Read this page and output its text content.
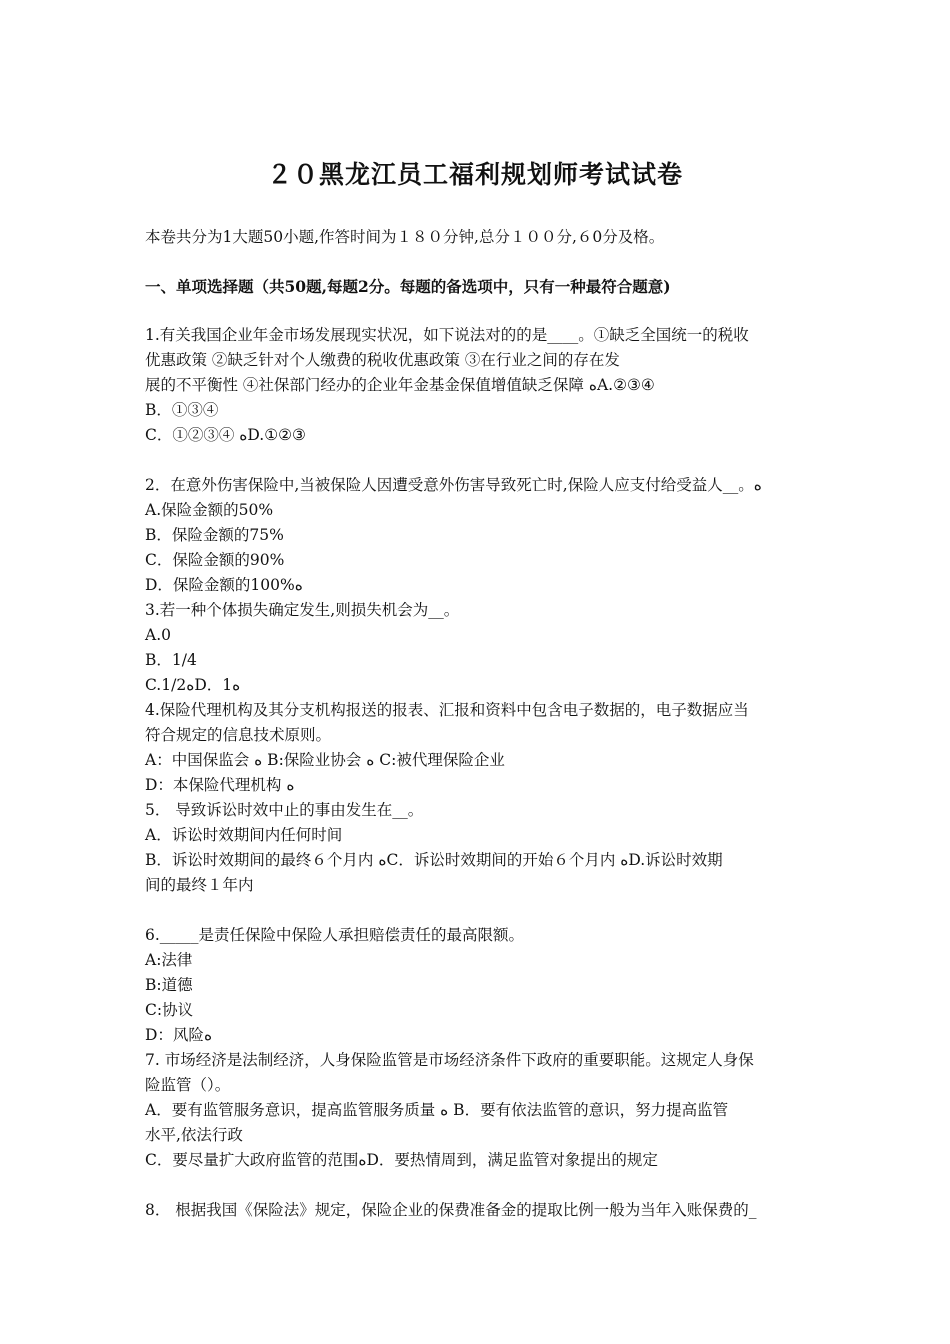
２０黑龙江员工福利规划师考试试卷
本卷共分为1大题50小题,作答时间为１８０分钟,总分１００分,６0分及格。
一、单项选择题（共50题,每题2分。每题的备选项中，只有一种最符合题意)
1.有关我国企业年金市场发展现实状况，如下说法对的的是____。①缺乏全国统一的税收
优惠政策 ②缺乏针对个人缴费的税收优惠政策 ③在行业之间的存在发
展的不平衡性 ④社保部门经办的企业年金基金保值增值缺乏保障 ﻩA.②③④
B．①③④
C．①②③④ ﻩD.①②③
2．在意外伤害保险中,当被保险人因遭受意外伤害导致死亡时,保险人应支付给受益人__。ﻩ
A.保险金额的50%
B．保险金额的75%
C．保险金额的90%
D．保险金额的100%ﻩ
3.若一种个体损失确定发生,则损失机会为__。
A.0
B．1/4
C.1/2ﻩD．1ﻩ
4.保险代理机构及其分支机构报送的报表、汇报和资料中包含电子数据的，电子数据应当
符合规定的信息技术原则。
A：中国保监会 ﻩ B:保险业协会 ﻩ C:被代理保险企业
D：本保险代理机构 ﻩ
5． 导致诉讼时效中止的事由发生在__。
A．诉讼时效期间内任何时间
B．诉讼时效期间的最终６个月内 ﻩC．诉讼时效期间的开始６个月内 ﻩD.诉讼时效期
间的最终１年内
6._____是责任保险中保险人承担赔偿责任的最高限额。
A:法律
B:道德
C:协议
D：风险ﻩ
7. 市场经济是法制经济，人身保险监管是市场经济条件下政府的重要职能。这规定人身保
险监管（）。
A．要有监管服务意识，提高监管服务质量 ﻩ B．要有依法监管的意识，努力提高监管
水平,依法行政
C．要尽量扩大政府监管的范围ﻩD．要热情周到，满足监管对象提出的规定
8． 根据我国《保险法》规定，保险企业的保费准备金的提取比例一般为当年入账保费的_
